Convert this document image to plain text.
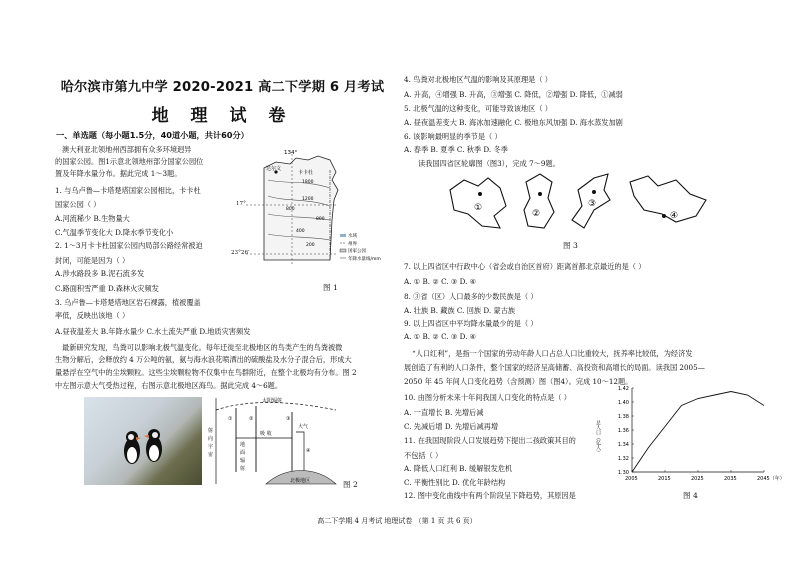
哈尔滨市第九中学 2020-2021 高二下学期 6 月考试
地 理 试 卷
一、单选题（每小题1.5分，40道小题，共计60分）
澳大利亚北领地州西部拥有众多环境迥异
的国家公园。图1示意北领地州部分国家公园位
置及年降水量分布。据此完成 1～3题。
1. 与乌卢鲁—卡塔楚塔国家公园相比，卡卡杜
国家公园（ ）
A.河流稀少 B.生物量大
C.气温季节变化大 D.降水季节变化小
2. 1～3月卡卡杜国家公园内局部公路经常被迫
封闭，可能是因为（ ）
A.涉水路段多 B.泥石流多发
C.路面积雪严重 D.森林火灾频发
3. 乌卢鲁—卡塔楚塔地区岩石裸露，植被覆盖
率低，反映出该地（ ）
A.昼夜温差大 B.年降水量少 C.水土流失严重 D.地质灾害频发
最新研究发现，鸟粪可以影响北极气温变化。每年迁徙至北极地区的鸟类产生的鸟粪被微
生物分解后，会释放约 4 万公吨的氨，氨与海水浪花喷洒出的硫酸盐及水分子混合后，形成大
量悬浮在空气中的尘埃颗粒。这些尘埃颗粒物不仅集中在鸟群附近，在整个北极均有分布。图 2
中左图示意大气受热过程，右图示意北极地区海鸟。据此完成 4～6题。
4. 鸟粪对北极地区气温的影响及其原理是（ ）
A. 升高，④增强 B. 升高，③增强 C. 降低，②增强 D. 降低，①减弱
5. 北极气温的这种变化，可能导致该地区（ ）
A. 昼夜温差变大 B. 海冰加速融化 C. 极地东风加强 D. 海水蒸发加剧
6. 该影响最明显的季节是（ ）
A. 春季 B. 夏季 C. 秋季 D. 冬季
读我国四省区轮廓图（图3），完成 7～9题。
7. 以上四省区中行政中心（省会或自治区首府）距离首都北京最近的是（ ）
A. ① B. ② C. ③ D. ④
8. ③省（区）人口最多的少数民族是（ ）
A. 壮族 B. 藏族 C. 回族 D. 蒙古族
9. 以上四省区中平均降水量最少的是（ ）
A. ① B. ② C. ③ D. ④
“人口红利”，是指一个国家的劳动年龄人口占总人口比重较大，抚养率比较低，为经济发
展创造了有利的人口条件，整个国家的经济呈高储蓄、高投资和高增长的局面。读我国 2005—
2050 年 45 年间人口变化趋势（含预测）图（图4）。完成 10～12题。
10. 由图分析未来十年间我国人口变化的特点是（ ）
A. 一直增长 B. 先增后减
C. 先减后增 D. 先增后减再增
11. 在我国现阶段人口发展趋势下提出二孩政策其目的
不包括（ ）
A. 降低人口红利 B. 缓解银发危机
C. 平衡性别比 D. 优化年龄结构
12. 图中变化曲线中有两个阶段呈下降趋势，其原因是
134°
达尔文
卡卡杜
1800
1200
800
400
200
800
水域
州界
国家公园
年降水量线/mm
17°
23°26′
图 1
太阳辐射
大气
射
向
宇
宙
地
面
辐
射
吸 收
北极地区
①	②	③
④
图 2
①
②
③
④
图 3
1.30
1.32
1.34
1.36
1.38
1.40
1.42
2005	2015	2025	2035	2045（年）
总人口（亿人）
图 4
高二下学期 4 月考试 地理试卷 （第 1 页 共 6 页）
